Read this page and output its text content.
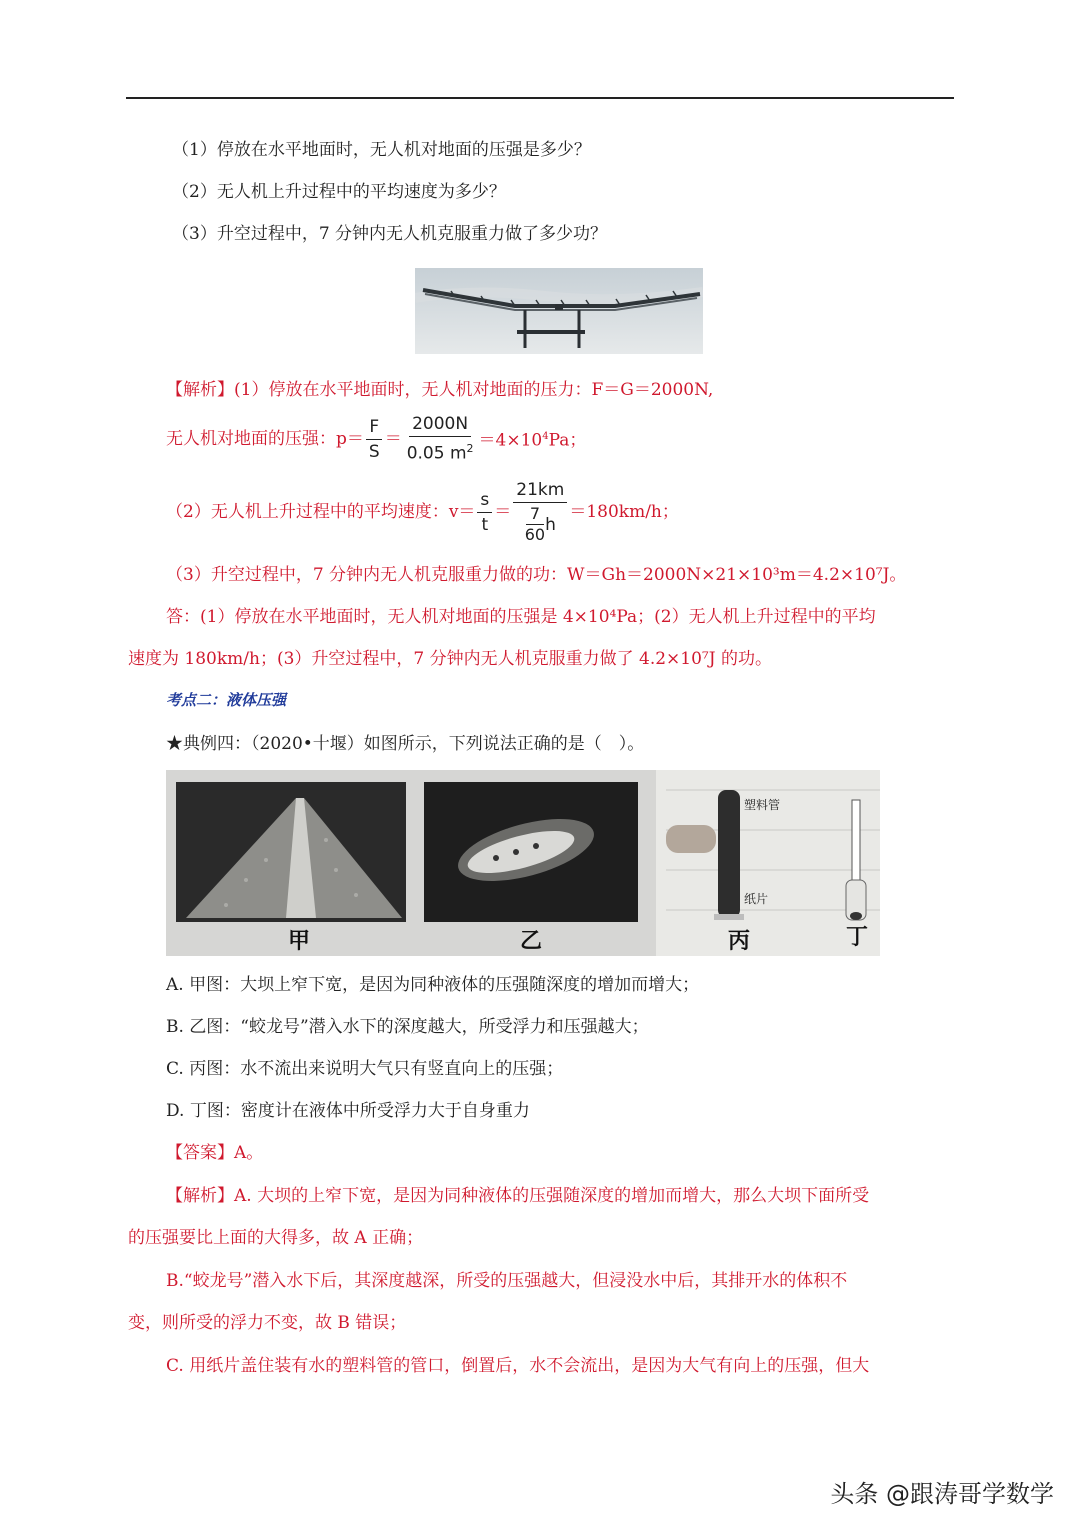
（1）停放在水平地面时，无人机对地面的压强是多少？
（2）无人机上升过程中的平均速度为多少？
（3）升空过程中，7 分钟内无人机克服重力做了多少功？
【解析】(1）停放在水平地面时，无人机对地面的压力：F＝G＝2000N,
无人机对地面的压强：$p= \frac{F}{S} = \frac{2000N}{0.05 m^2} =4\times 10^4Pa$；
（2）无人机上升过程中的平均速度：$v= \frac{s}{t} = \frac{21km}{\frac{7}{60} h} =180km/h$；
（3）升空过程中，7 分钟内无人机克服重力做的功：W＝Gh＝2000N×21×10³m＝4.2×10⁷J。
答：(1）停放在水平地面时，无人机对地面的压强是 4×10⁴Pa；(2）无人机上升过程中的平均
速度为 180km/h；(3）升空过程中，7 分钟内无人机克服重力做了 4.2×10⁷J 的功。
考点二：液体压强
★典例四：（2020•十堰）如图所示，下列说法正确的是（　）。
甲	乙	丙	丁
塑料管
纸片
A. 甲图：大坝上窄下宽，是因为同种液体的压强随深度的增加而增大；
B. 乙图：“蛟龙号”潜入水下的深度越大，所受浮力和压强越大；
C. 丙图：水不流出来说明大气只有竖直向上的压强；
D. 丁图：密度计在液体中所受浮力大于自身重力
【答案】A。
【解析】A. 大坝的上窄下宽，是因为同种液体的压强随深度的增加而增大，那么大坝下面所受
的压强要比上面的大得多，故 A 正确；
B.“蛟龙号”潜入水下后，其深度越深，所受的压强越大，但浸没水中后，其排开水的体积不
变，则所受的浮力不变，故 B 错误；
C. 用纸片盖住装有水的塑料管的管口，倒置后，水不会流出，是因为大气有向上的压强，但大
头条 @跟涛哥学数学
